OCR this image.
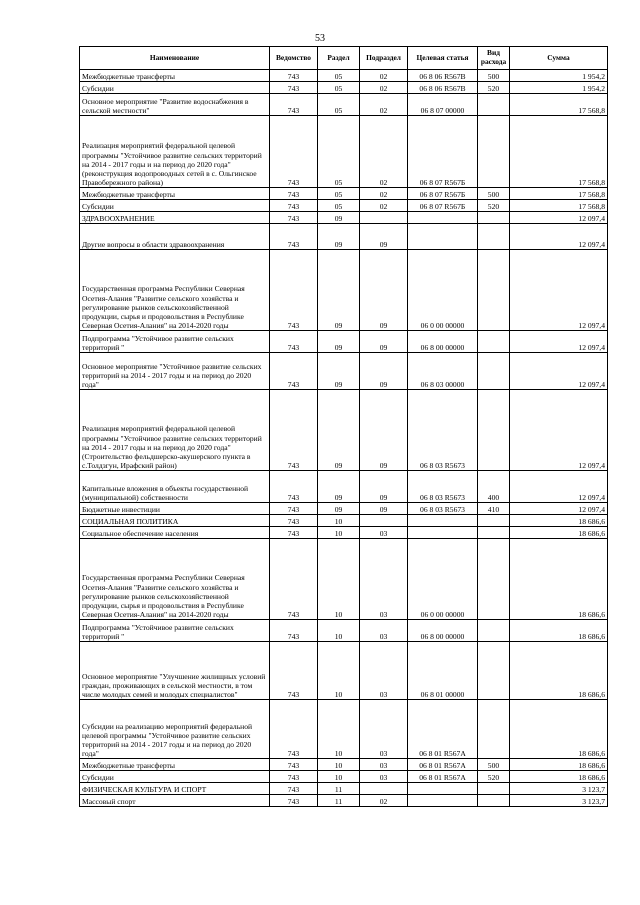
53
Наименование	Ведомство	Раздел	Подраздел	Целевая статья	Вид расхода	Сумма
Межбюджетные трансферты	743	05	02	06 8 06 R567B	500	1 954,2
Субсидии	743	05	02	06 8 06 R567B	520	1 954,2
Основное мероприятие "Развитие водоснабжения в сельской местности"	743	05	02	06 8 07 00000		17 568,8
Реализация мероприятий федеральной целевой программы "Устойчивое развитие сельских территорий на 2014 - 2017 годы и на период до 2020 года" (реконструкция водопроводных сетей в с. Ольгинское Правобережного района)	743	05	02	06 8 07 R567Б		17 568,8
Межбюджетные трансферты	743	05	02	06 8 07 R567Б	500	17 568,8
Субсидии	743	05	02	06 8 07 R567Б	520	17 568,8
ЗДРАВООХРАНЕНИЕ	743	09				12 097,4
Другие вопросы в области здравоохранения	743	09	09			12 097,4
Государственная программа Республики Северная Осетия-Алания "Развитие сельского хозяйства и регулирование рынков сельскохозяйственной продукции, сырья и продовольствия в Республике Северная Осетия-Алания" на 2014-2020 годы	743	09	09	06 0 00 00000		12 097,4
Подпрограмма "Устойчивое развитие сельских территорий "	743	09	09	06 8 00 00000		12 097,4
Основное мероприятие "Устойчивое развитие сельских территорий на 2014 - 2017 годы и на период до 2020 года"	743	09	09	06 8 03 00000		12 097,4
Реализация мероприятий федеральной целевой программы "Устойчивое развитие сельских территорий на 2014 - 2017 годы и на период до 2020 года" (Строительство фельдшерско-акушерского пункта в с.Толдзгун, Ирафский район)	743	09	09	06 8 03 R5673		12 097,4
Капитальные вложения в объекты государственной (муниципальной) собственности	743	09	09	06 8 03 R5673	400	12 097,4
Бюджетные инвестиции	743	09	09	06 8 03 R5673	410	12 097,4
СОЦИАЛЬНАЯ ПОЛИТИКА	743	10				18 686,6
Социальное обеспечение населения	743	10	03			18 686,6
Государственная программа Республики Северная Осетия-Алания "Развитие сельского хозяйства и регулирование рынков сельскохозяйственной продукции, сырья и продовольствия в Республике Северная Осетия-Алания" на 2014-2020 годы	743	10	03	06 0 00 00000		18 686,6
Подпрограмма "Устойчивое развитие сельских территорий "	743	10	03	06 8 00 00000		18 686,6
Основное мероприятие "Улучшение жилищных условий граждан, проживающих в сельской местности, в том числе молодых семей и молодых специалистов"	743	10	03	06 8 01 00000		18 686,6
Субсидии на реализацию мероприятий федеральной целевой программы "Устойчивое развитие сельских территорий на 2014 - 2017 годы и на период до 2020 года"	743	10	03	06 8 01 R567А		18 686,6
Межбюджетные трансферты	743	10	03	06 8 01 R567А	500	18 686,6
Субсидии	743	10	03	06 8 01 R567А	520	18 686,6
ФИЗИЧЕСКАЯ КУЛЬТУРА И СПОРТ	743	11				3 123,7
Массовый спорт	743	11	02			3 123,7
